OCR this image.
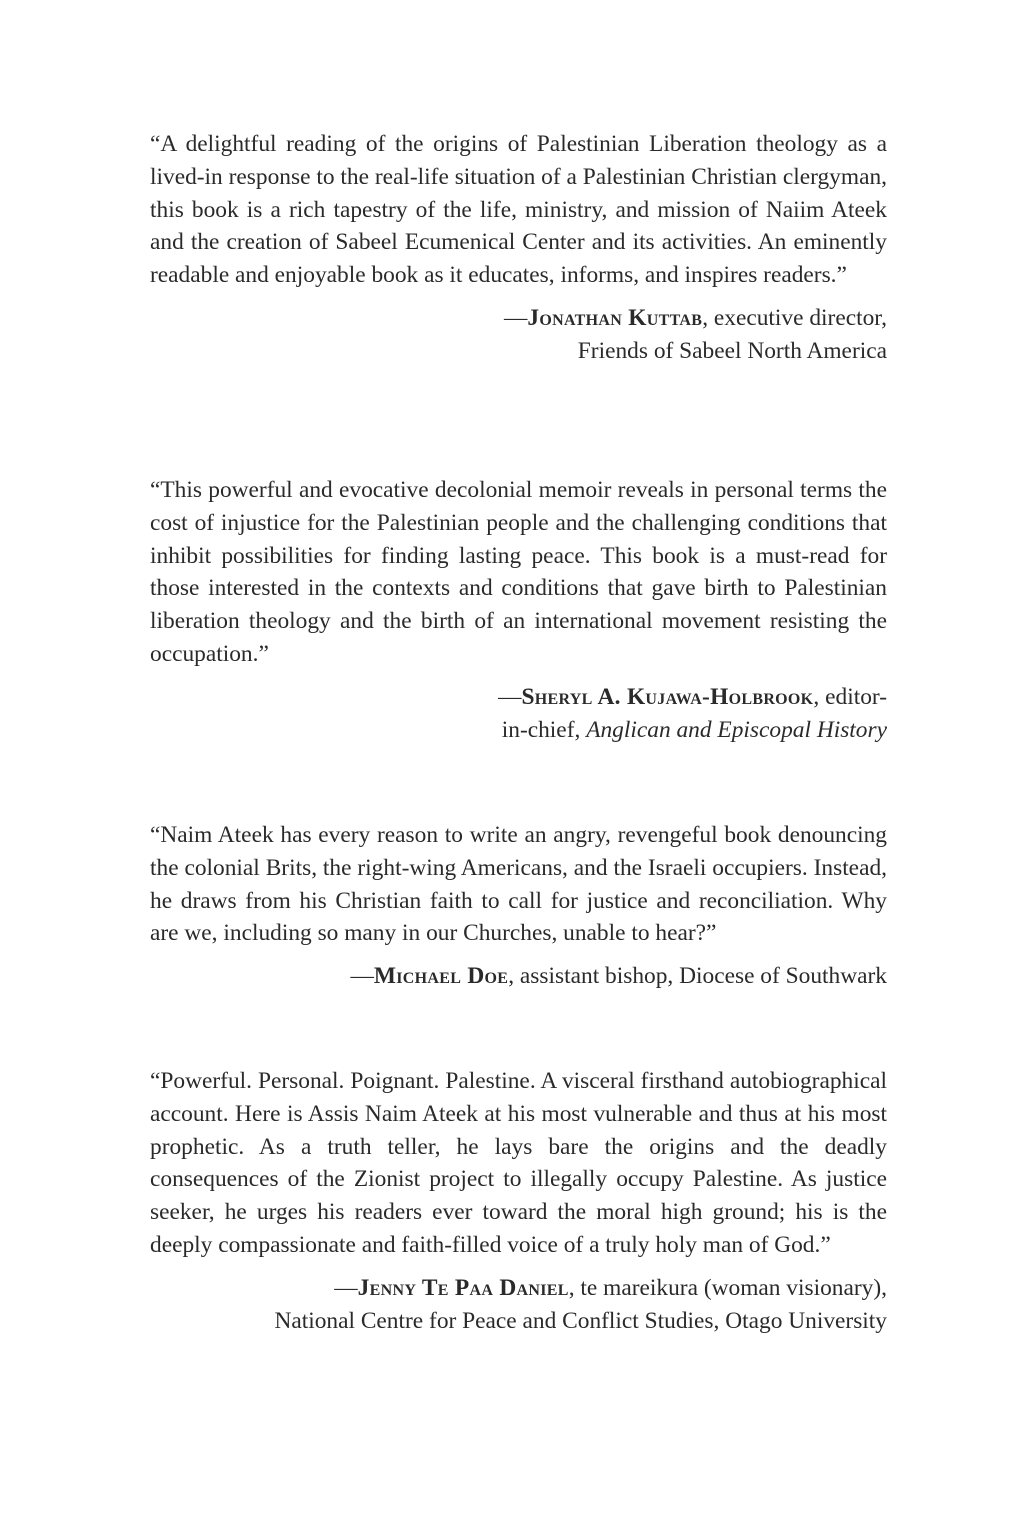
“A delightful reading of the origins of Palestinian Liberation theology as a lived-in response to the real-life situation of a Palestinian Christian clergyman, this book is a rich tapestry of the life, ministry, and mission of Naiim Ateek and the creation of Sabeel Ecumenical Center and its activities. An eminently readable and enjoyable book as it educates, informs, and inspires readers.”

—Jonathan Kuttab, executive director,
Friends of Sabeel North America

“This powerful and evocative decolonial memoir reveals in personal terms the cost of injustice for the Palestinian people and the challenging conditions that inhibit possibilities for finding lasting peace. This book is a must-read for those interested in the contexts and conditions that gave birth to Palestinian liberation theology and the birth of an international movement resisting the occupation.”

—Sheryl A. Kujawa-Holbrook, editor-
in-chief, Anglican and Episcopal History

“Naim Ateek has every reason to write an angry, revengeful book denouncing the colonial Brits, the right-wing Americans, and the Israeli occupiers. Instead, he draws from his Christian faith to call for justice and reconciliation. Why are we, including so many in our Churches, unable to hear?”

—Michael Doe, assistant bishop, Diocese of Southwark

“Powerful. Personal. Poignant. Palestine. A visceral firsthand autobiographical account. Here is Assis Naim Ateek at his most vulnerable and thus at his most prophetic. As a truth teller, he lays bare the origins and the deadly consequences of the Zionist project to illegally occupy Palestine. As justice seeker, he urges his readers ever toward the moral high ground; his is the deeply compassionate and faith-filled voice of a truly holy man of God.”

—Jenny Te Paa Daniel, te mareikura (woman visionary),
National Centre for Peace and Conflict Studies, Otago University
